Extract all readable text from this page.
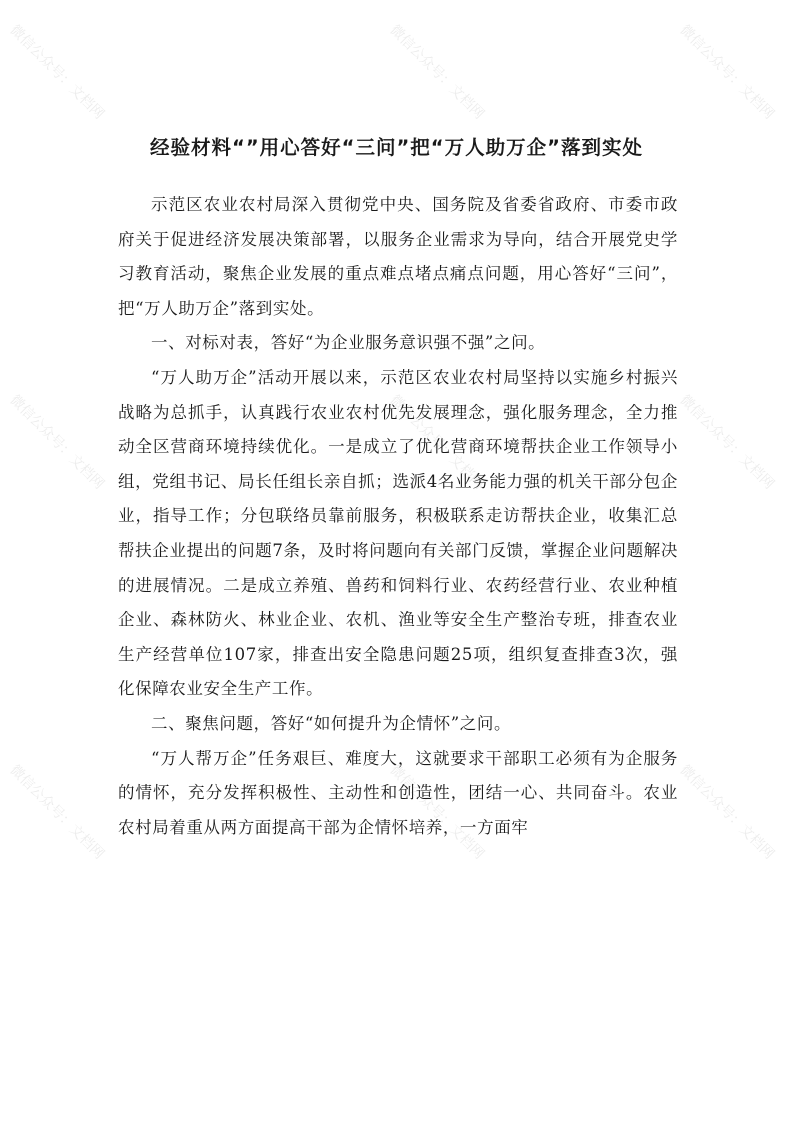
微信公众号：文档网	微信公众号：文档网	微信公众号：文档网
微信公众号：文档网	微信公众号：文档网	微信公众号：文档网
微信公众号：文档网	微信公众号：文档网	微信公众号：文档网
经验材料“”用心答好“三问”把“万人助万企”落到实处

示范区农业农村局深入贯彻党中央、国务院及省委省政府、市委市政府关于促进经济发展决策部署，以服务企业需求为导向，结合开展党史学习教育活动，聚焦企业发展的重点难点堵点痛点问题，用心答好“三问”，把“万人助万企”落到实处。

一、对标对表，答好“为企业服务意识强不强”之问。

“万人助万企”活动开展以来，示范区农业农村局坚持以实施乡村振兴战略为总抓手，认真践行农业农村优先发展理念，强化服务理念，全力推动全区营商环境持续优化。一是成立了优化营商环境帮扶企业工作领导小组，党组书记、局长任组长亲自抓；选派4名业务能力强的机关干部分包企业，指导工作；分包联络员靠前服务，积极联系走访帮扶企业，收集汇总帮扶企业提出的问题7条，及时将问题向有关部门反馈，掌握企业问题解决的进展情况。二是成立养殖、兽药和饲料行业、农药经营行业、农业种植企业、森林防火、林业企业、农机、渔业等安全生产整治专班，排查农业生产经营单位107家，排查出安全隐患问题25项，组织复查排查3次，强化保障农业安全生产工作。

二、聚焦问题，答好“如何提升为企情怀”之问。

“万人帮万企”任务艰巨、难度大，这就要求干部职工必须有为企服务的情怀，充分发挥积极性、主动性和创造性，团结一心、共同奋斗。农业农村局着重从两方面提高干部为企情怀培养，一方面牢
